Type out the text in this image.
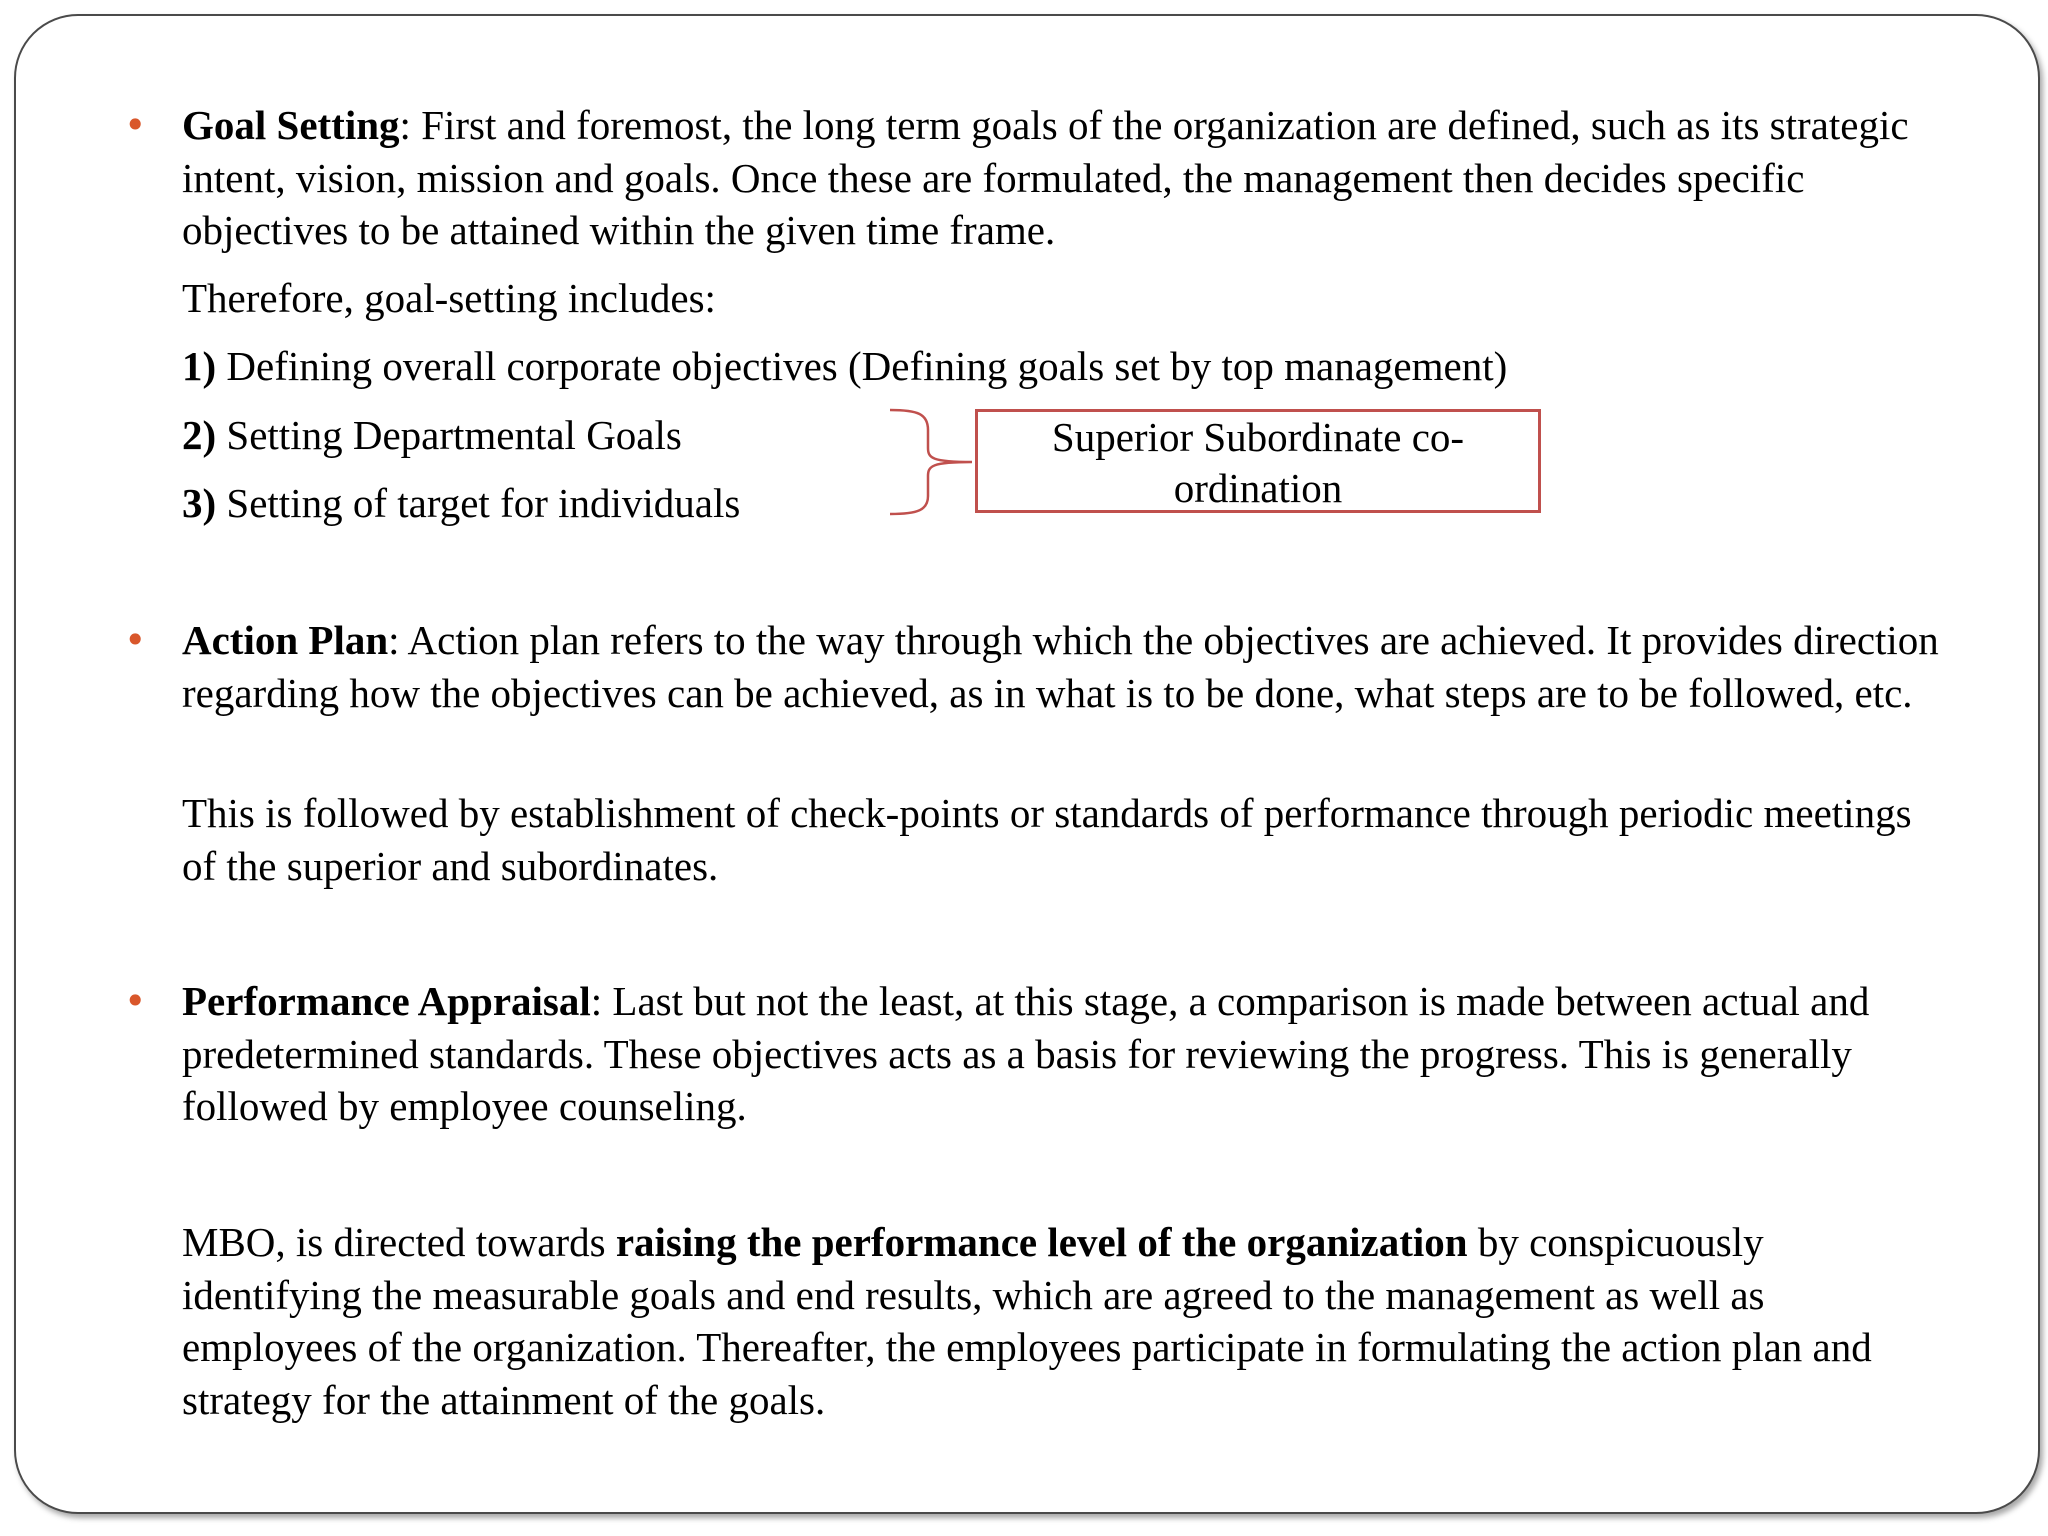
• Goal Setting: First and foremost, the long term goals of the organization are defined, such as its strategic intent, vision, mission and goals. Once these are formulated, the management then decides specific objectives to be attained within the given time frame.

Therefore, goal-setting includes:
1) Defining overall corporate objectives (Defining goals set by top management)
2) Setting Departmental Goals
3) Setting of target for individuals
Superior Subordinate co-ordination
• Action Plan: Action plan refers to the way through which the objectives are achieved. It provides direction regarding how the objectives can be achieved, as in what is to be done, what steps are to be followed, etc.

This is followed by establishment of check-points or standards of performance through periodic meetings of the superior and subordinates.

• Performance Appraisal: Last but not the least, at this stage, a comparison is made between actual and predetermined standards. These objectives acts as a basis for reviewing the progress. This is generally followed by employee counseling.

MBO, is directed towards raising the performance level of the organization by conspicuously identifying the measurable goals and end results, which are agreed to the management as well as employees of the organization. Thereafter, the employees participate in formulating the action plan and strategy for the attainment of the goals.
